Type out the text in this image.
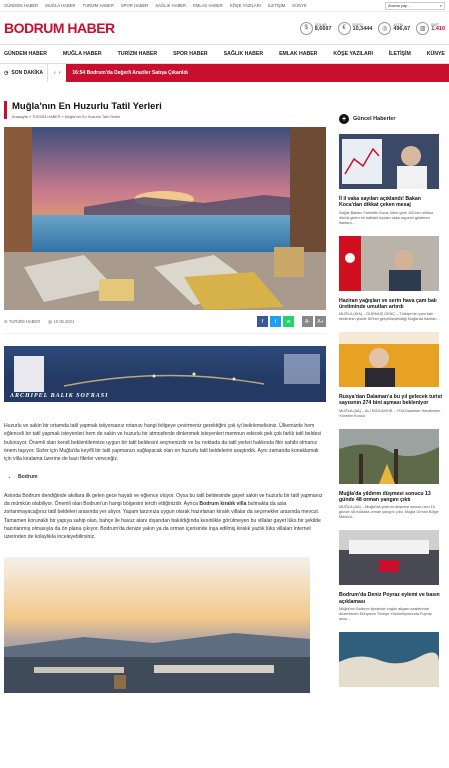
GÜNDEM HABER MUĞLA HABER TURİZM HABER SPOR HABER SAĞLIK HABER EMLAK HABER KÖŞE YAZILARI İLETİŞİM KÜNYE	Arama yap...	⌕
BODRUM HABER	$
DOLAR
8,6697	€
EURO
10,3444	◎
ALTIN
496,67	▥
BIST
1.410
GÜNDEM HABER	MUĞLA HABER	TURİZM HABER	SPOR HABER	SAĞLIK HABER	EMLAK HABER	KÖŞE YAZILARI	İLETİŞİM	KÜNYE
◷ SON DAKİKA ‹ ›	16:54 Bodrum'da Değerli Araziler Satışa Çıkarıldı
Muğla'nın En Huzurlu Tatil Yerleri
Anasayfa » TURİZM HABER » Muğla'nın En Huzurlu Tatil Yerleri
☰ TURİZM HABER ▤ 10.06.2021	f	t	w	A-	A+
ARCHIPEL BALIK SOFRASI

Huzurlu ve sakin bir ortamda tatil yapmak istiyorsanız rotanızı hangi bölgeye çevirmeniz gerektiğini çok iyi belirlemelisiniz. Ülkemizde hem eğlenceli bir tatil yapmak isteyenleri hem de sakin ve huzurlu bir atmosferde dinlenmek isteyenleri memnun edecek pek çok farklı tatil beldesi bulunuyor. Önemli olan kendi beklentilerinize uygun bir tatil beldesini seçmenizdir ve bu noktada da tatil yerleri hakkında fikir sahibi olmanız önem taşıyor. Sizler için Muğla'da keyifli bir tatil yapmanızı sağlayacak olan en huzurlu tatil beldelerini araştırdık. Aynı zamanda konaklamak için villa kiralama üzerine de bazı fikirler vereceğiz.

• Bodrum

Aslında Bodrum dendiğinde akıllara ilk gelen gece hayatı ve eğlence oluyor. Oysa bu tatil beldesinde gayet sakin ve huzurlu bir tatil yapmanız da mümkün olabiliyor. Önemli olan Bodrum'un hangi bölgesini tercih ettiğinizdir. Ayrıca Bodrum kiralık villa bulmakta da asla zorlanmayacağınız tatil beldeleri arasında yer alıyor. Yaşam tarzınıza uygun olarak hazırlanan kiralık villalar da seçenekler arasında mevcut. Tamamen korunaklı bir yapıya sahip olan, bahçe ile havuz alanı dışarıdan bakıldığında kesinlikle görülmeyen bu villalar gayet lüks bir şekilde hazırlanmış olmasıyla da ön plana çıkıyor. Bodrum'da denize yakın ya da orman içerisinde inşa edilmiş kiralık yazlık lüks villaları internet üzerinden de kolaylıkla inceleyebilirsiniz.

+	Güncel Haberler
İl il vaka sayıları açıklandı! Bakan Koca'dan dikkat çeken mesaj
Sağlık Bakanı Fahrettin Koca, illere göre 100 bin nüfusa dönük gelen bir haftalık toplam vaka sayısını gösteren haritanı...
Haziran yağışları ve serin hava çam balı üretiminde umutları artırdı
MUĞLA (İHA) – DURMUŞ GENÇ – Türkiye'nin çam balı üretiminin yüzde 80'inin gerçekleştirildiği Muğla'da haziran...
Rusya'dan Dalaman'a bu yıl gelecek turist sayısının 274 bini aşması bekleniyor
MUĞLA (AA) – ALİ RIZA AKKIR – YDA Dalaman Havalimanı Yönetim Kurulu
Muğla'da yıldırım düşmesi sonucu 13 günde 48 orman yangını çıktı
MUĞLA (AA) – Muğla'da yıldırım düşmesi sonucu son 13 günde 48 noktada orman yangını çıktı. Muğla Orman Bölge Müdürü...
Bodrum'da Deniz Poyraz eylemi ve basın açıklaması
Muğla'nın Bodrum ilçesinde bugün akşam saatlerinde düzenlenen Dünyanın Türkiye Yükümlüyorunda Poyraz anısı...
